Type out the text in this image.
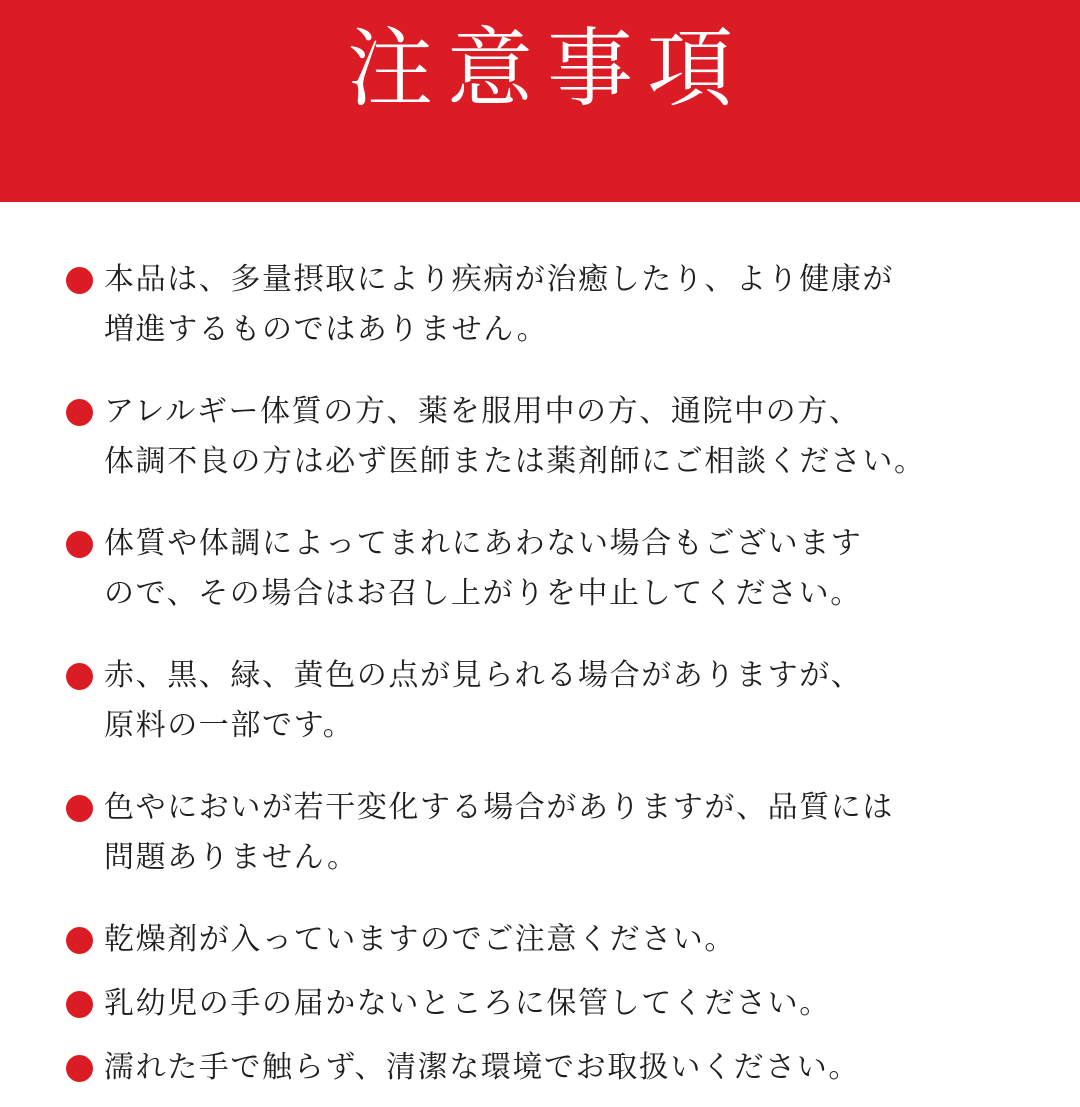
注意事項
本品は、多量摂取により疾病が治癒したり、より健康が
増進するものではありません。
アレルギー体質の方、薬を服用中の方、通院中の方、
体調不良の方は必ず医師または薬剤師にご相談ください。
体質や体調によってまれにあわない場合もございます
ので、その場合はお召し上がりを中止してください。
赤、黒、緑、黄色の点が見られる場合がありますが、
原料の一部です。
色やにおいが若干変化する場合がありますが、品質には
問題ありません。
乾燥剤が入っていますのでご注意ください。
乳幼児の手の届かないところに保管してください。
濡れた手で触らず、清潔な環境でお取扱いください。
